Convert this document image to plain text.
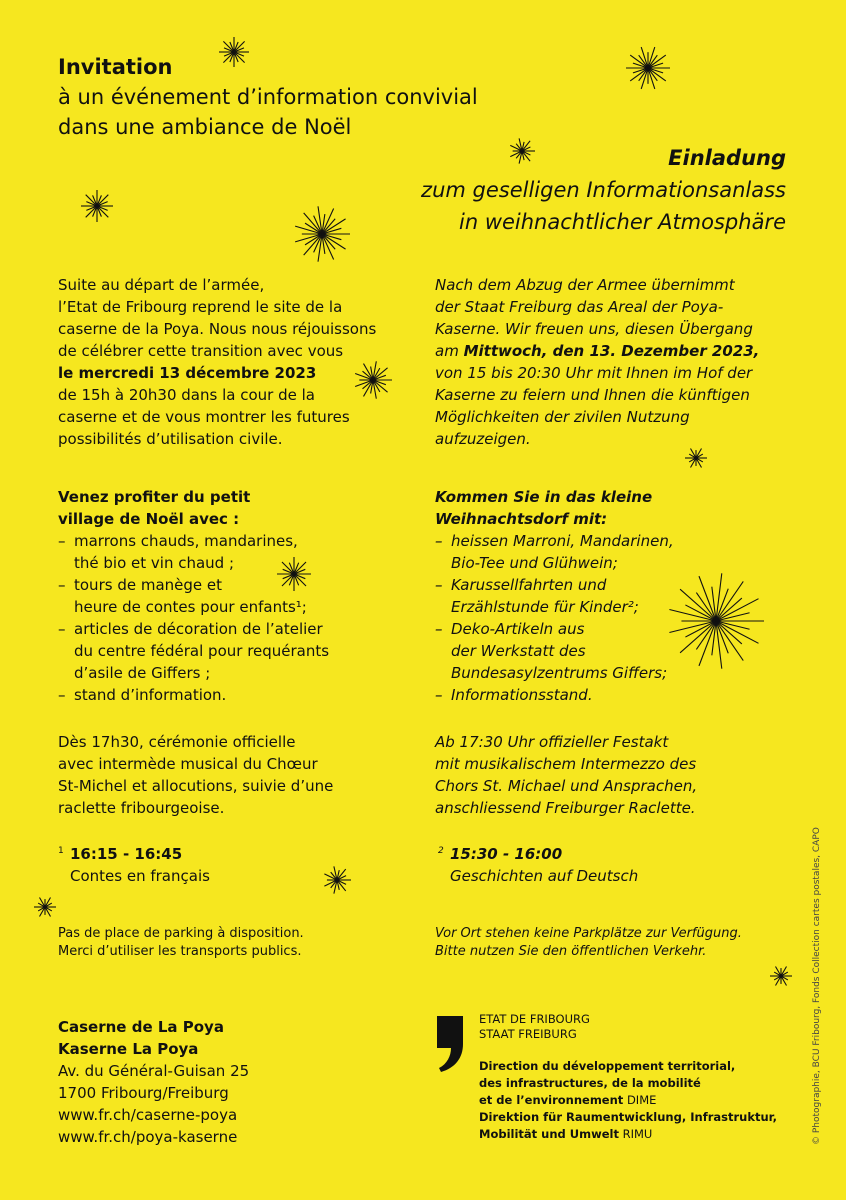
Invitation
à un événement d’information convivial
dans une ambiance de Noël
Einladung
zum geselligen Informationsanlass
in weihnachtlicher Atmosphäre
Suite au départ de l’armée,
l’Etat de Fribourg reprend le site de la
caserne de la Poya. Nous nous réjouissons
de célébrer cette transition avec vous
le mercredi 13 décembre 2023
de 15h à 20h30 dans la cour de la
caserne et de vous montrer les futures
possibilités d’utilisation civile.
Nach dem Abzug der Armee übernimmt
der Staat Freiburg das Areal der Poya-
Kaserne. Wir freuen uns, diesen Übergang
am Mittwoch, den 13. Dezember 2023,
von 15 bis 20:30 Uhr mit Ihnen im Hof der
Kaserne zu feiern und Ihnen die künftigen
Möglichkeiten der zivilen Nutzung
aufzuzeigen.
Venez profiter du petit
village de Noël avec :
– marrons chauds, mandarines,
thé bio et vin chaud ;
– tours de manège et
heure de contes pour enfants¹;
– articles de décoration de l’atelier
du centre fédéral pour requérants
d’asile de Giffers ;
– stand d’information.
Kommen Sie in das kleine
Weihnachtsdorf mit:
– heissen Marroni, Mandarinen,
Bio-Tee und Glühwein;
– Karussellfahrten und
Erzählstunde für Kinder²;
– Deko-Artikeln aus
der Werkstatt des
Bundesasylzentrums Giffers;
– Informationsstand.
Dès 17h30, cérémonie officielle
avec intermède musical du Chœur
St-Michel et allocutions, suivie d’une
raclette fribourgeoise.
Ab 17:30 Uhr offizieller Festakt
mit musikalischem Intermezzo des
Chors St. Michael und Ansprachen,
anschliessend Freiburger Raclette.
1 16:15 - 16:45
Contes en français
2 15:30 - 16:00
Geschichten auf Deutsch
Pas de place de parking à disposition.
Merci d’utiliser les transports publics.
Vor Ort stehen keine Parkplätze zur Verfügung.
Bitte nutzen Sie den öffentlichen Verkehr.
Caserne de La Poya
Kaserne La Poya
Av. du Général-Guisan 25
1700 Fribourg/Freiburg
www.fr.ch/caserne-poya
www.fr.ch/poya-kaserne
ETAT DE FRIBOURG
STAAT FREIBURG
Direction du développement territorial,
des infrastructures, de la mobilité
et de l’environnement DIME
Direktion für Raumentwicklung, Infrastruktur,
Mobilität und Umwelt RIMU	© Photographie, BCU Fribourg, Fonds Collection cartes postales, CAPO
